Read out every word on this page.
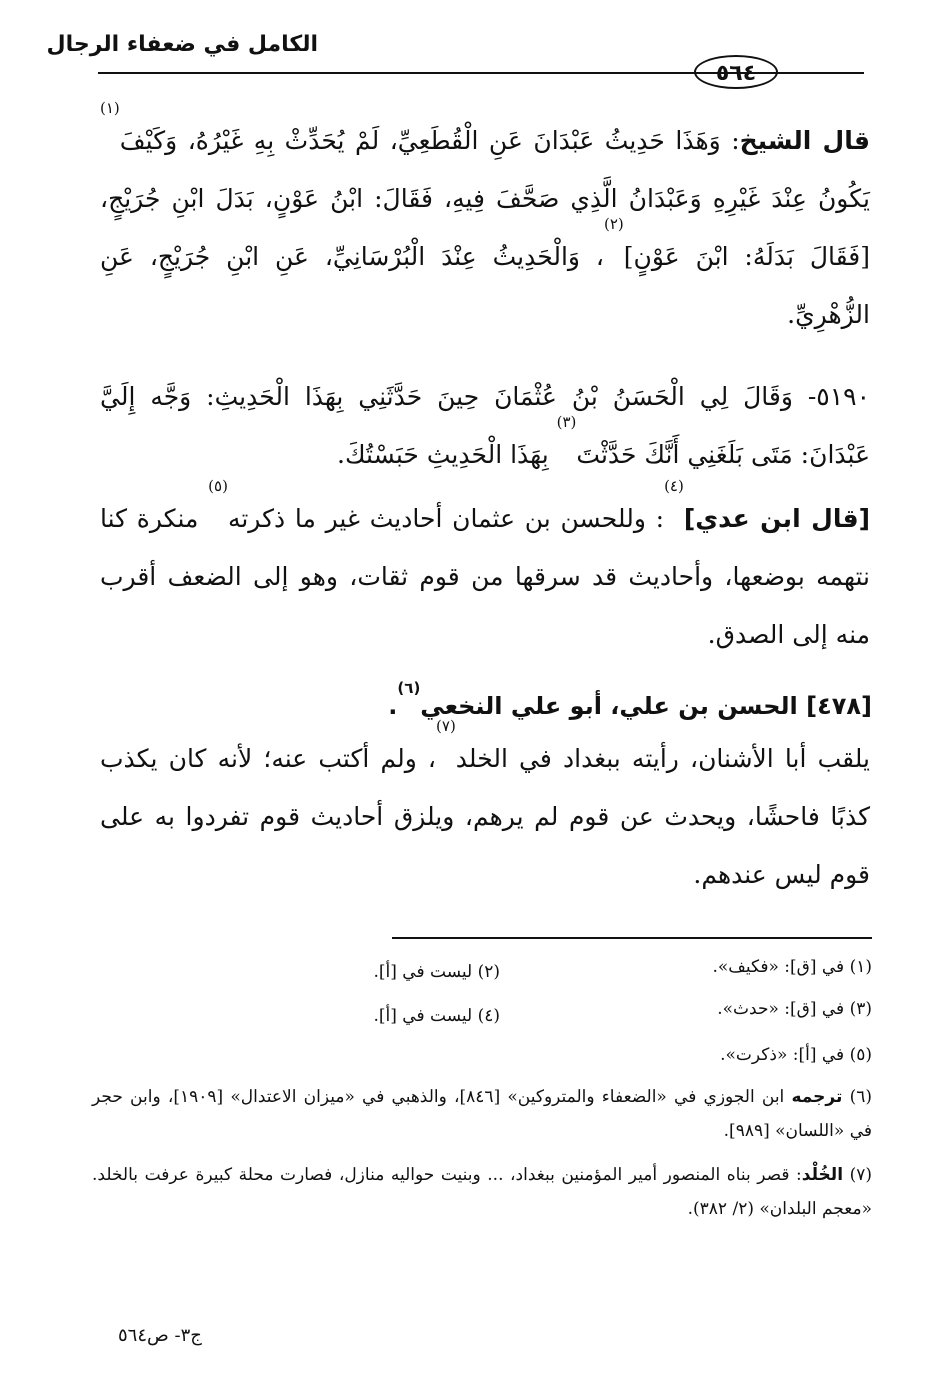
الكامل في ضعفاء الرجال
٥٦٤
قال الشيخ: وَهَذَا حَدِيثُ عَبْدَانَ عَنِ الْقُطَعِيِّ، لَمْ يُحَدِّثْ بِهِ غَيْرُهُ، وَكَيْفَ$^{(١)}$ يَكُونُ عِنْدَ غَيْرِهِ وَعَبْدَانُ الَّذِي صَحَّفَ فِيهِ، فَقَالَ: ابْنُ عَوْنٍ، بَدَلَ ابْنِ جُرَيْجٍ، [فَقَالَ بَدَلَهُ: ابْنَ عَوْنٍ]$^{(٢)}$، وَالْحَدِيثُ عِنْدَ الْبُرْسَانِيِّ، عَنِ ابْنِ جُرَيْجٍ، عَنِ الزُّهْرِيِّ.
٥١٩٠- وَقَالَ لِي الْحَسَنُ بْنُ عُثْمَانَ حِينَ حَدَّثَنِي بِهَذَا الْحَدِيثِ: وَجَّه إِلَيَّ عَبْدَانَ: مَتَى بَلَغَنِي أَنَّكَ حَدَّثْتَ$^{(٣)}$ بِهَذَا الْحَدِيثِ حَبَسْتُكَ.
[قال ابن عدي]$^{(٤)}$: وللحسن بن عثمان أحاديث غير ما ذكرته$^{(٥)}$ منكرة كنا نتهمه بوضعها، وأحاديث قد سرقها من قوم ثقات، وهو إلى الضعف أقرب منه إلى الصدق.
[٤٧٨] الحسن بن علي، أبو علي النخعي$^{(٦)}$.
يلقب أبا الأشنان، رأيته ببغداد في الخلد$^{(٧)}$، ولم أكتب عنه؛ لأنه كان يكذب كذبًا فاحشًا، ويحدث عن قوم لم يرهم، ويلزق أحاديث قوم تفردوا به على قوم ليس عندهم.
(١) في [ق]: «فكيف».
(٢) ليست في [أ].
(٣) في [ق]: «حدث».
(٤) ليست في [أ].
(٥) في [أ]: «ذكرت».
(٦) ترجمه ابن الجوزي في «الضعفاء والمتروكين» [٨٤٦]، والذهبي في «ميزان الاعتدال» [١٩٠٩]، وابن حجر في «اللسان» [٩٨٩].
(٧) الخُلْد: قصر بناه المنصور أمير المؤمنين ببغداد، ... وبنيت حواليه منازل، فصارت محلة كبيرة عرفت بالخلد. «معجم البلدان» (٢/ ٣٨٢).
ج٣- ص٥٦٤
